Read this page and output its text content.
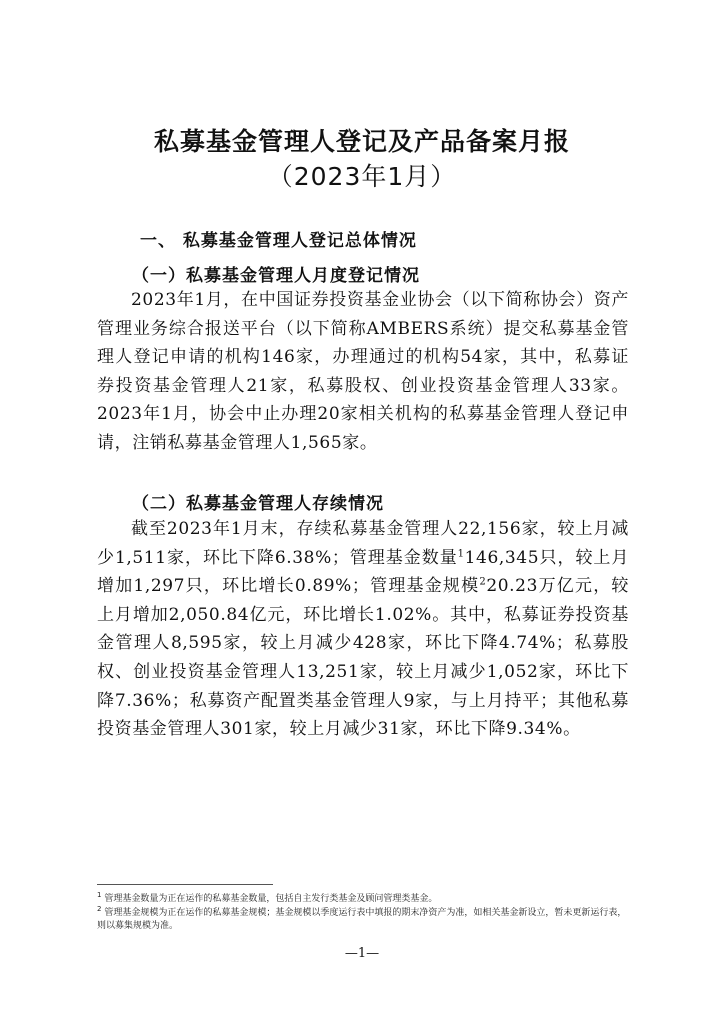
私募基金管理人登记及产品备案月报
（2023年1月）
一、 私募基金管理人登记总体情况
（一）私募基金管理人月度登记情况

2023年1月，在中国证券投资基金业协会（以下简称协会）资产管理业务综合报送平台（以下简称AMBERS系统）提交私募基金管理人登记申请的机构146家，办理通过的机构54家，其中，私募证券投资基金管理人21家，私募股权、创业投资基金管理人33家。2023年1月，协会中止办理20家相关机构的私募基金管理人登记申请，注销私募基金管理人1,565家。

（二）私募基金管理人存续情况

截至2023年1月末，存续私募基金管理人22,156家，较上月减少1,511家，环比下降6.38%；管理基金数量$^1$146,345只，较上月增加1,297只，环比增长0.89%；管理基金规模$^2$20.23万亿元，较上月增加2,050.84亿元，环比增长1.02%。其中，私募证券投资基金管理人8,595家，较上月减少428家，环比下降4.74%；私募股权、创业投资基金管理人13,251家，较上月减少1,052家，环比下降7.36%；私募资产配置类基金管理人9家，与上月持平；其他私募投资基金管理人301家，较上月减少31家，环比下降9.34%。

$^1$ 管理基金数量为正在运作的私募基金数量，包括自主发行类基金及顾问管理类基金。

$^2$ 管理基金规模为正在运作的私募基金规模；基金规模以季度运行表中填报的期末净资产为准，如相关基金新设立，暂未更新运行表，则以募集规模为准。

—1—
